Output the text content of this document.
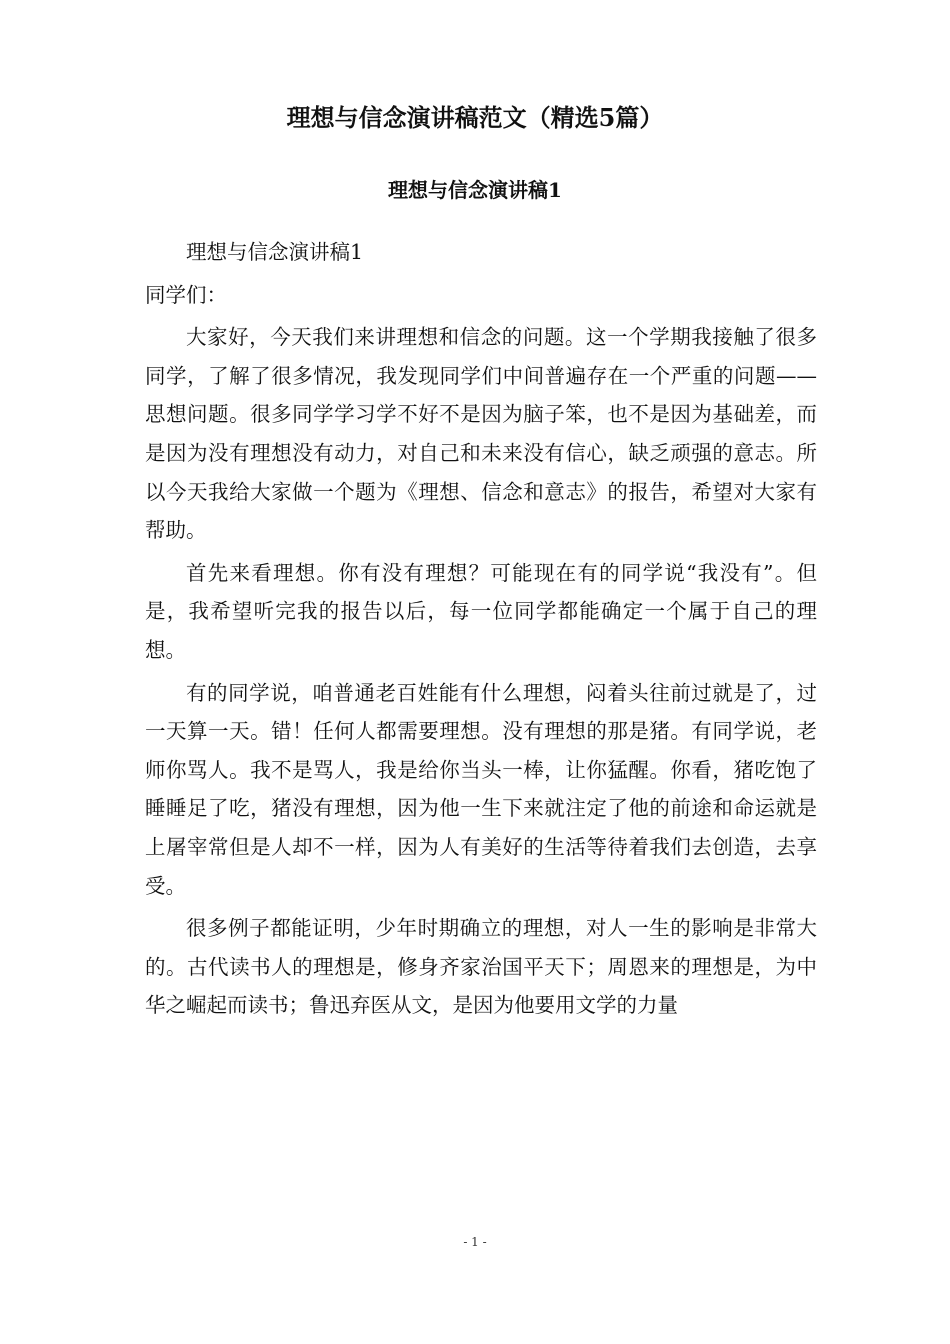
理想与信念演讲稿范文（精选5篇）
理想与信念演讲稿1

理想与信念演讲稿1

同学们：

大家好，今天我们来讲理想和信念的问题。这一个学期我接触了很多同学，了解了很多情况，我发现同学们中间普遍存在一个严重的问题——思想问题。很多同学学习学不好不是因为脑子笨，也不是因为基础差，而是因为没有理想没有动力，对自己和未来没有信心，缺乏顽强的意志。所以今天我给大家做一个题为《理想、信念和意志》的报告，希望对大家有帮助。

首先来看理想。你有没有理想？可能现在有的同学说“我没有”。但是，我希望听完我的报告以后，每一位同学都能确定一个属于自己的理想。

有的同学说，咱普通老百姓能有什么理想，闷着头往前过就是了，过一天算一天。错！任何人都需要理想。没有理想的那是猪。有同学说，老师你骂人。我不是骂人，我是给你当头一棒，让你猛醒。你看，猪吃饱了睡睡足了吃，猪没有理想，因为他一生下来就注定了他的前途和命运就是上屠宰常但是人却不一样，因为人有美好的生活等待着我们去创造，去享受。

很多例子都能证明，少年时期确立的理想，对人一生的影响是非常大的。古代读书人的理想是，修身齐家治国平天下；周恩来的理想是，为中华之崛起而读书；鲁迅弃医从文，是因为他要用文学的力量

- 1 -
